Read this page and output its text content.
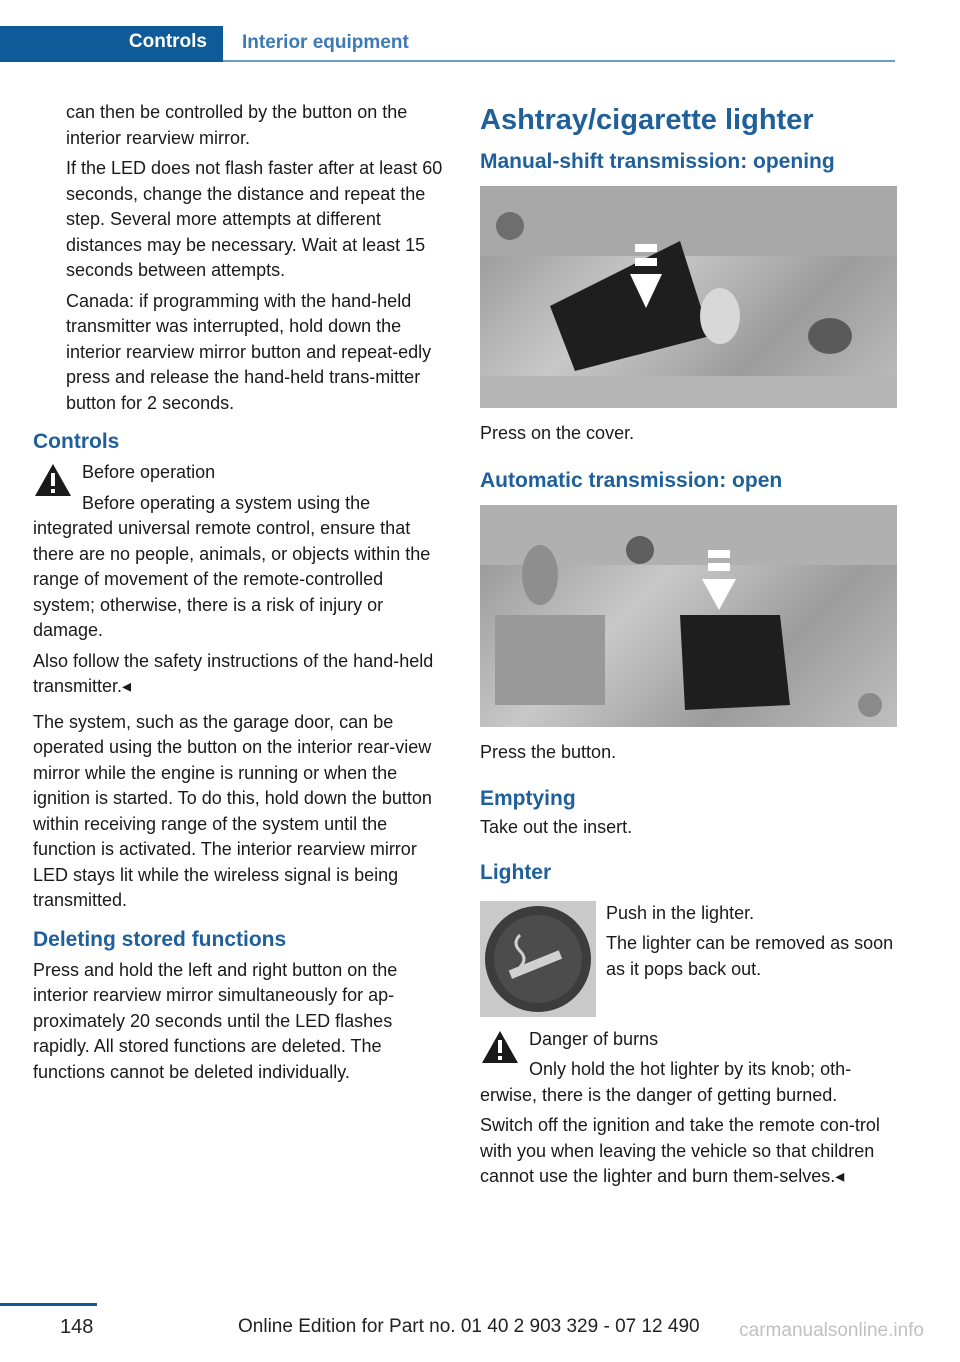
Controls Interior equipment

can then be controlled by the button on the interior rearview mirror.

If the LED does not flash faster after at least 60 seconds, change the distance and repeat the step. Several more attempts at different distances may be necessary. Wait at least 15 seconds between attempts.

Canada: if programming with the hand-held transmitter was interrupted, hold down the interior rearview mirror button and repeat‐edly press and release the hand-held trans‐mitter button for 2 seconds.

Controls

Before operation

Before operating a system using the integrated universal remote control, ensure that there are no people, animals, or objects within the range of movement of the remote-controlled system; otherwise, there is a risk of injury or damage.

Also follow the safety instructions of the hand‐held transmitter.◂

The system, such as the garage door, can be operated using the button on the interior rear‐view mirror while the engine is running or when the ignition is started. To do this, hold down the button within receiving range of the system until the function is activated. The interior rearview mirror LED stays lit while the wireless signal is being transmitted.

Deleting stored functions

Press and hold the left and right button on the interior rearview mirror simultaneously for ap‐proximately 20 seconds until the LED flashes rapidly. All stored functions are deleted. The functions cannot be deleted individually.

Ashtray/cigarette lighter
Manual-shift transmission: opening

Press on the cover.

Automatic transmission: open

Press the button.

Emptying

Take out the insert.

Lighter

Push in the lighter.

The lighter can be removed as soon as it pops back out.

Danger of burns

Only hold the hot lighter by its knob; oth‐erwise, there is the danger of getting burned.

Switch off the ignition and take the remote con‐trol with you when leaving the vehicle so that children cannot use the lighter and burn them‐selves.◂

148	Online Edition for Part no. 01 40 2 903 329 - 07 12 490 carmanualsonline.info
